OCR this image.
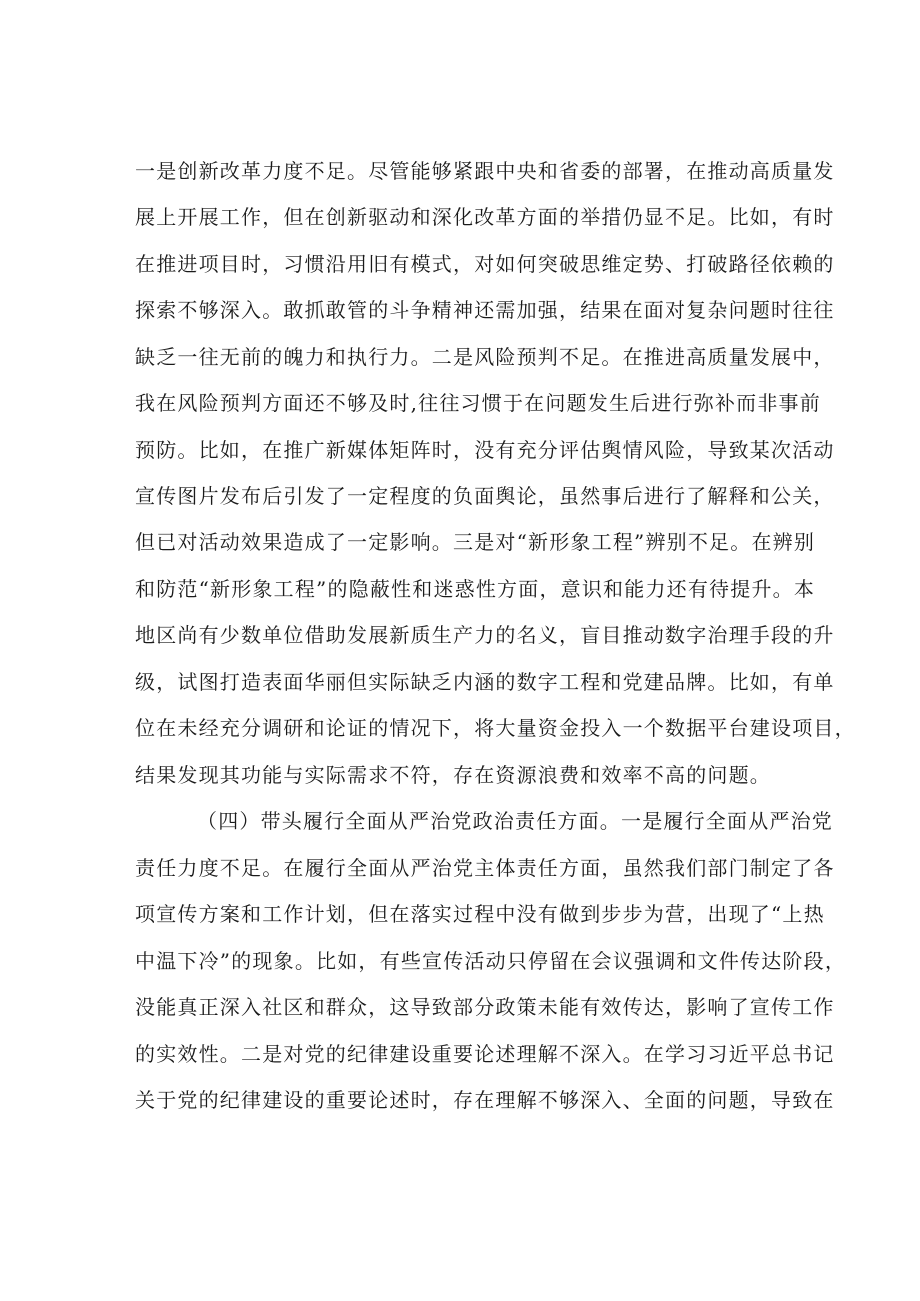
一是创新改革力度不足。尽管能够紧跟中央和省委的部署，在推动高质量发
展上开展工作，但在创新驱动和深化改革方面的举措仍显不足。比如，有时
在推进项目时，习惯沿用旧有模式，对如何突破思维定势、打破路径依赖的
探索不够深入。敢抓敢管的斗争精神还需加强，结果在面对复杂问题时往往
缺乏一往无前的魄力和执行力。二是风险预判不足。在推进高质量发展中，
我在风险预判方面还不够及时,往往习惯于在问题发生后进行弥补而非事前
预防。比如，在推广新媒体矩阵时，没有充分评估舆情风险，导致某次活动
宣传图片发布后引发了一定程度的负面舆论，虽然事后进行了解释和公关，
但已对活动效果造成了一定影响。三是对“新形象工程”辨别不足。在辨别
和防范“新形象工程”的隐蔽性和迷惑性方面，意识和能力还有待提升。本
地区尚有少数单位借助发展新质生产力的名义，盲目推动数字治理手段的升
级，试图打造表面华丽但实际缺乏内涵的数字工程和党建品牌。比如，有单
位在未经充分调研和论证的情况下，将大量资金投入一个数据平台建设项目，
结果发现其功能与实际需求不符，存在资源浪费和效率不高的问题。
（四）带头履行全面从严治党政治责任方面。一是履行全面从严治党
责任力度不足。在履行全面从严治党主体责任方面，虽然我们部门制定了各
项宣传方案和工作计划，但在落实过程中没有做到步步为营，出现了“上热
中温下冷”的现象。比如，有些宣传活动只停留在会议强调和文件传达阶段，
没能真正深入社区和群众，这导致部分政策未能有效传达，影响了宣传工作
的实效性。二是对党的纪律建设重要论述理解不深入。在学习习近平总书记
关于党的纪律建设的重要论述时，存在理解不够深入、全面的问题，导致在
